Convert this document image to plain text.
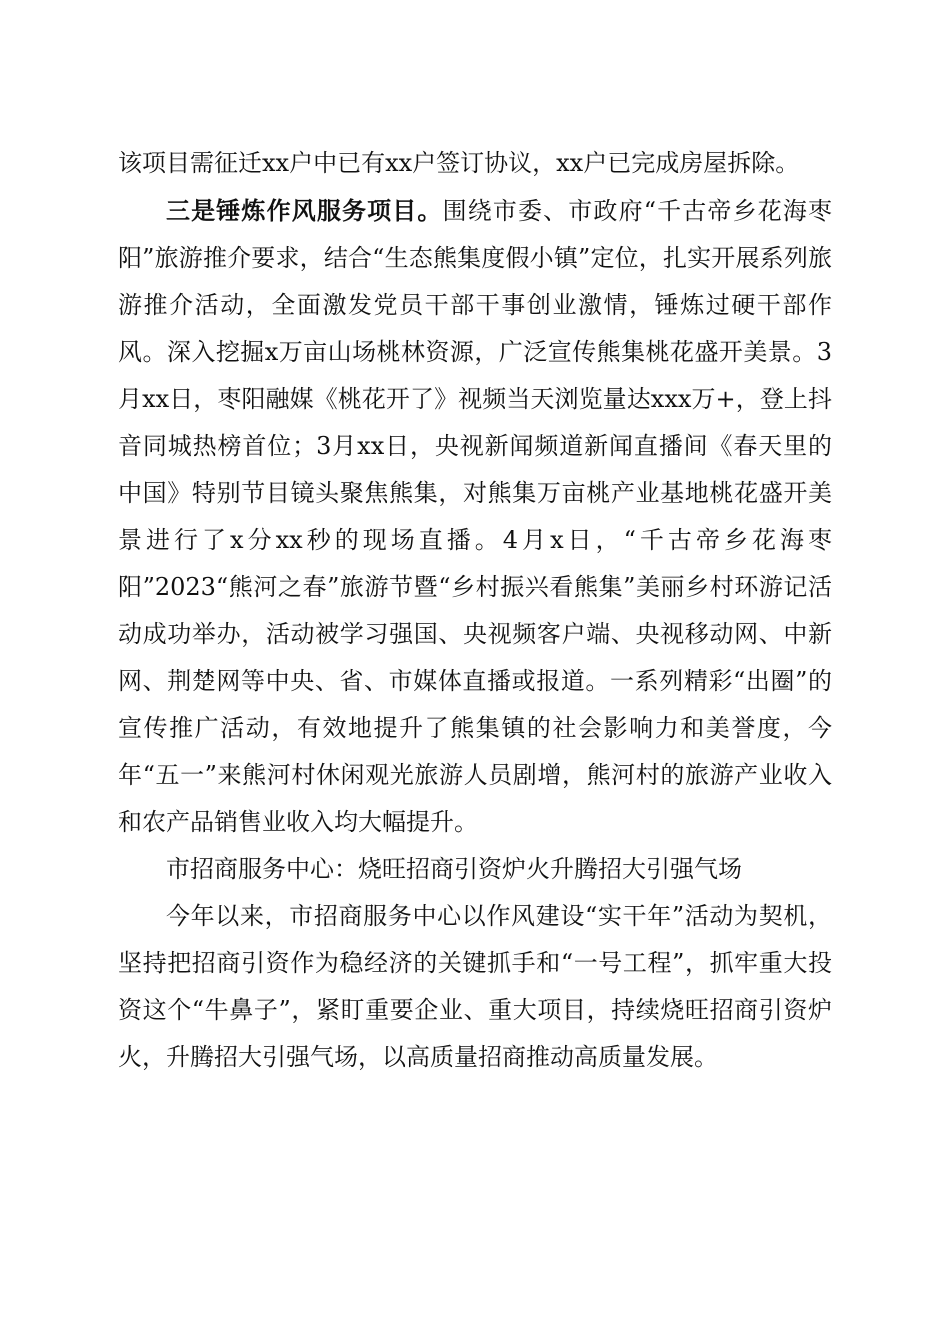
该项目需征迁xx户中已有xx户签订协议，xx户已完成房屋拆除。

三是锤炼作风服务项目。围绕市委、市政府“千古帝乡花海枣阳”旅游推介要求，结合“生态熊集度假小镇”定位，扎实开展系列旅游推介活动，全面激发党员干部干事创业激情，锤炼过硬干部作风。深入挖掘x万亩山场桃林资源，广泛宣传熊集桃花盛开美景。3月xx日，枣阳融媒《桃花开了》视频当天浏览量达xxx万+，登上抖音同城热榜首位；3月xx日，央视新闻频道新闻直播间《春天里的中国》特别节目镜头聚焦熊集，对熊集万亩桃产业基地桃花盛开美景进行了x分xx秒的现场直播。4月x日，“千古帝乡花海枣阳”2023“熊河之春”旅游节暨“乡村振兴看熊集”美丽乡村环游记活动成功举办，活动被学习强国、央视频客户端、央视移动网、中新网、荆楚网等中央、省、市媒体直播或报道。一系列精彩“出圈”的宣传推广活动，有效地提升了熊集镇的社会影响力和美誉度，今年“五一”来熊河村休闲观光旅游人员剧增，熊河村的旅游产业收入和农产品销售业收入均大幅提升。

市招商服务中心：烧旺招商引资炉火升腾招大引强气场

今年以来，市招商服务中心以作风建设“实干年”活动为契机，坚持把招商引资作为稳经济的关键抓手和“一号工程”，抓牢重大投资这个“牛鼻子”，紧盯重要企业、重大项目，持续烧旺招商引资炉火，升腾招大引强气场，以高质量招商推动高质量发展。
